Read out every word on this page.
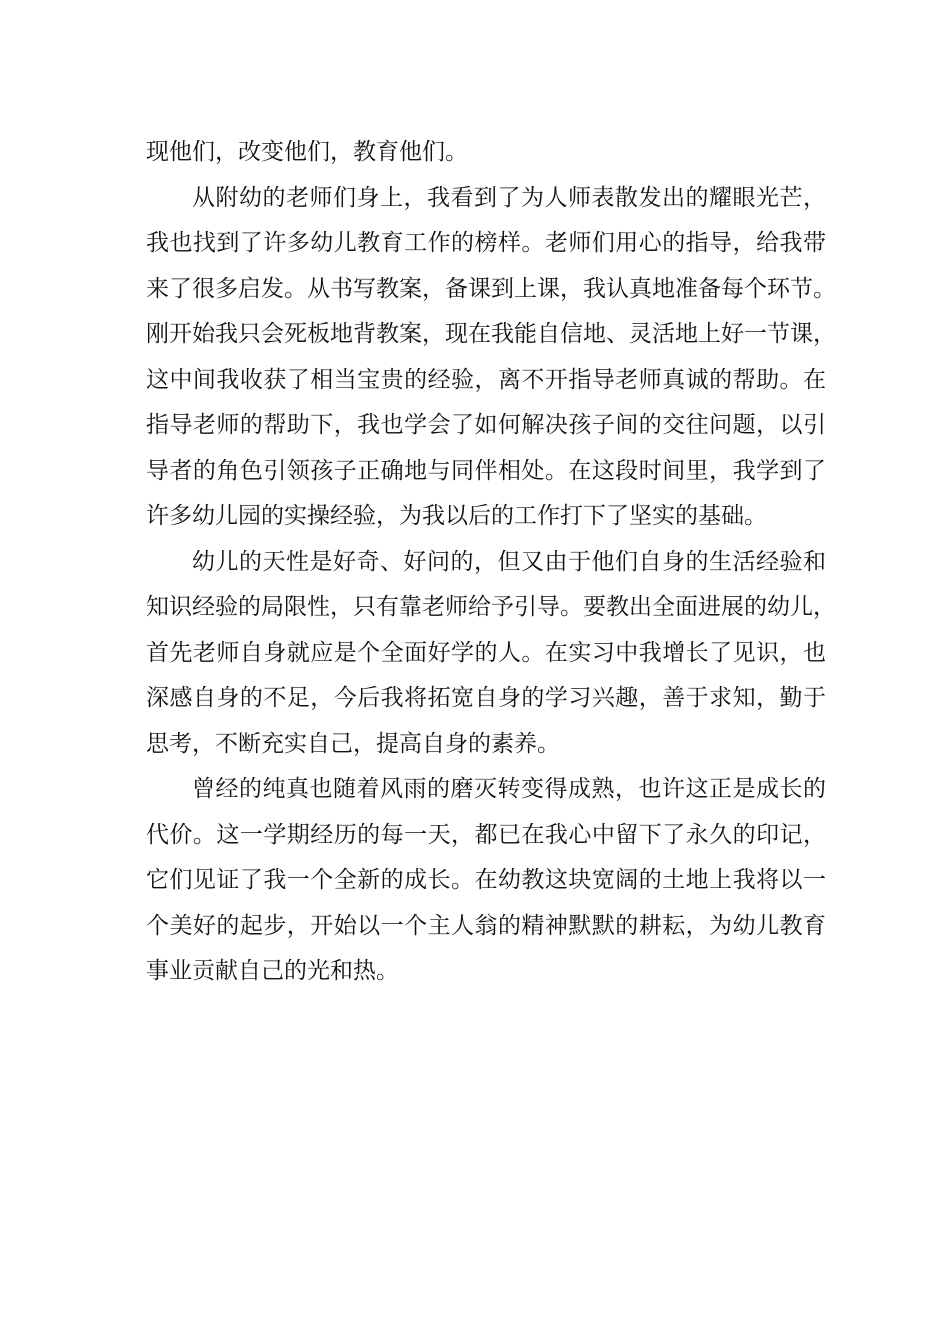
现他们，改变他们，教育他们。
从附幼的老师们身上，我看到了为人师表散发出的耀眼光芒，
我也找到了许多幼儿教育工作的榜样。老师们用心的指导，给我带
来了很多启发。从书写教案，备课到上课，我认真地准备每个环节。
刚开始我只会死板地背教案，现在我能自信地、灵活地上好一节课，
这中间我收获了相当宝贵的经验，离不开指导老师真诚的帮助。在
指导老师的帮助下，我也学会了如何解决孩子间的交往问题，以引
导者的角色引领孩子正确地与同伴相处。在这段时间里，我学到了
许多幼儿园的实操经验，为我以后的工作打下了坚实的基础。
幼儿的天性是好奇、好问的，但又由于他们自身的生活经验和
知识经验的局限性，只有靠老师给予引导。要教出全面进展的幼儿，
首先老师自身就应是个全面好学的人。在实习中我增长了见识，也
深感自身的不足，今后我将拓宽自身的学习兴趣，善于求知，勤于
思考，不断充实自己，提高自身的素养。
曾经的纯真也随着风雨的磨灭转变得成熟，也许这正是成长的
代价。这一学期经历的每一天，都已在我心中留下了永久的印记，
它们见证了我一个全新的成长。在幼教这块宽阔的土地上我将以一
个美好的起步，开始以一个主人翁的精神默默的耕耘，为幼儿教育
事业贡献自己的光和热。
